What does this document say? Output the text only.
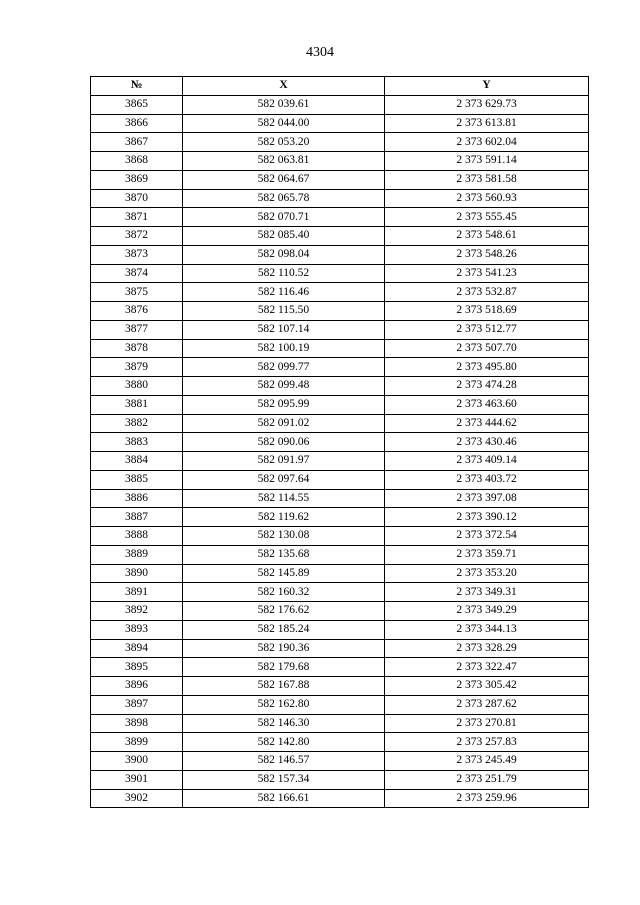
4304
№	X	Y
3865	582 039.61	2 373 629.73
3866	582 044.00	2 373 613.81
3867	582 053.20	2 373 602.04
3868	582 063.81	2 373 591.14
3869	582 064.67	2 373 581.58
3870	582 065.78	2 373 560.93
3871	582 070.71	2 373 555.45
3872	582 085.40	2 373 548.61
3873	582 098.04	2 373 548.26
3874	582 110.52	2 373 541.23
3875	582 116.46	2 373 532.87
3876	582 115.50	2 373 518.69
3877	582 107.14	2 373 512.77
3878	582 100.19	2 373 507.70
3879	582 099.77	2 373 495.80
3880	582 099.48	2 373 474.28
3881	582 095.99	2 373 463.60
3882	582 091.02	2 373 444.62
3883	582 090.06	2 373 430.46
3884	582 091.97	2 373 409.14
3885	582 097.64	2 373 403.72
3886	582 114.55	2 373 397.08
3887	582 119.62	2 373 390.12
3888	582 130.08	2 373 372.54
3889	582 135.68	2 373 359.71
3890	582 145.89	2 373 353.20
3891	582 160.32	2 373 349.31
3892	582 176.62	2 373 349.29
3893	582 185.24	2 373 344.13
3894	582 190.36	2 373 328.29
3895	582 179.68	2 373 322.47
3896	582 167.88	2 373 305.42
3897	582 162.80	2 373 287.62
3898	582 146.30	2 373 270.81
3899	582 142.80	2 373 257.83
3900	582 146.57	2 373 245.49
3901	582 157.34	2 373 251.79
3902	582 166.61	2 373 259.96
